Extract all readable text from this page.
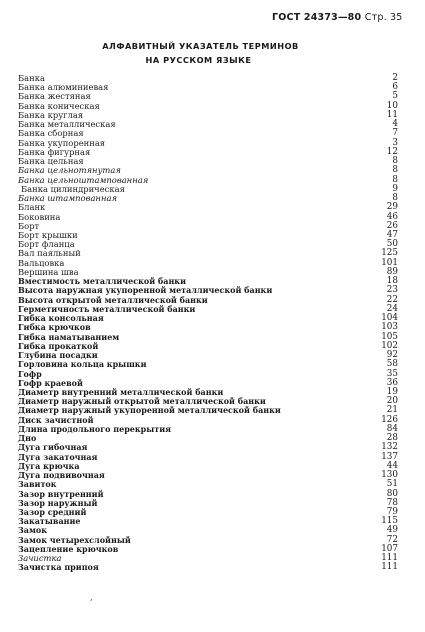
ГОСТ 24373—80 Стр. 35
АЛФАВИТНЫЙ УКАЗАТЕЛЬ ТЕРМИНОВ
НА РУССКОМ ЯЗЫКЕ
Банка	2
Банка алюминиевая	6
Банка жестяная	5
Банка коническая	10
Банка круглая	11
Банка металлическая	4
Банка сборная	7
Банка укупоренная	3
Банка фигурная	12
Банка цельная	8
Банка цельнотянутая	8
Банка цельноштампованная	8
Банка цилиндрическая	9
Банка штампованная	8
Бланк	29
Боковина	46
Борт	26
Борт крышки	47
Борт фланца	50
Вал паяльный	125
Вальцовка	101
Вершина шва	89
Вместимость металлической банки	18
Высота наружная укупоренной металлической банки	23
Высота открытой металлической банки	22
Герметичность металлической банки	24
Гибка консольная	104
Гибка крючков	103
Гибка наматыванием	105
Гибка прокаткой	102
Глубина посадки	92
Горловина кольца крышки	58
Гофр	35
Гофр краевой	36
Диаметр внутренний металлической банки	19
Диаметр наружный открытой металлической банки	20
Диаметр наружный укупоренной металлической банки	21
Диск зачистной	126
Длина продольного перекрытия	84
Дно	28
Дуга гибочная	132
Дуга закаточная	137
Дуга крючка	44
Дуга подвивочная	130
Завиток	51
Зазор внутренний	80
Зазор наружный	78
Зазор средний	79
Закатывание	115
Замок	49
Замок четырехслойный	72
Зацепление крючков	107
Зачистка	111
Зачистка припоя	111
,
